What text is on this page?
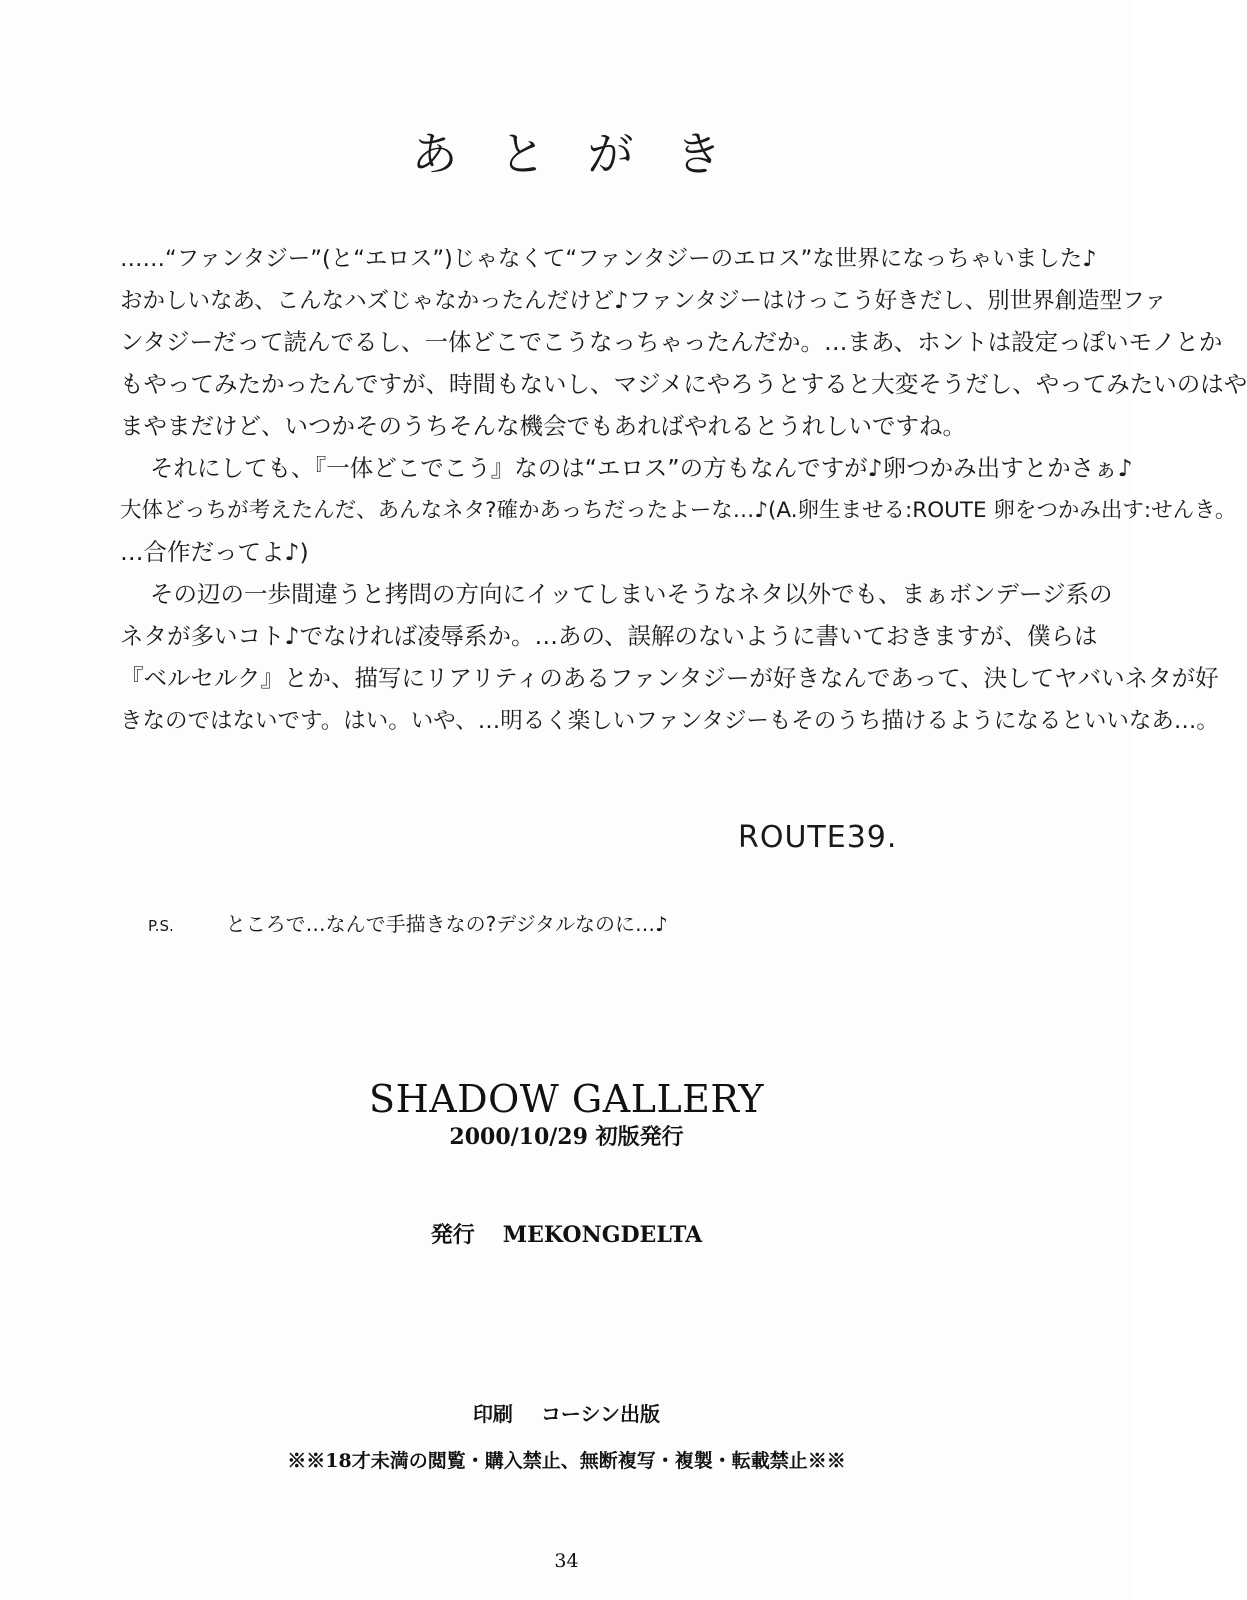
あとがき
……“ファンタジー”(と“エロス”)じゃなくて“ファンタジーのエロス”な世界になっちゃいました♪
おかしいなあ、こんなハズじゃなかったんだけど♪ファンタジーはけっこう好きだし、別世界創造型ファ
ンタジーだって読んでるし、一体どこでこうなっちゃったんだか。…まあ、ホントは設定っぽいモノとか
もやってみたかったんですが、時間もないし、マジメにやろうとすると大変そうだし、やってみたいのはや
まやまだけど、いつかそのうちそんな機会でもあればやれるとうれしいですね。
それにしても、『一体どこでこう』なのは“エロス”の方もなんですが♪卵つかみ出すとかさぁ♪
大体どっちが考えたんだ、あんなネタ?確かあっちだったよーな…♪(A.卵生ませる:ROUTE 卵をつかみ出す:せんき。
…合作だってよ♪)
その辺の一歩間違うと拷問の方向にイッてしまいそうなネタ以外でも、まぁボンデージ系の
ネタが多いコト♪でなければ凌辱系か。…あの、誤解のないように書いておきますが、僕らは
『ベルセルク』とか、描写にリアリティのあるファンタジーが好きなんであって、決してヤバいネタが好
きなのではないです。はい。いや、…明るく楽しいファンタジーもそのうち描けるようになるといいなあ…。
ROUTE39.
P.S.	ところで…なんで手描きなの?デジタルなのに…♪
SHADOW GALLERY
2000/10/29 初版発行
発行 MEKONGDELTA
印刷 コーシン出版
※※18才未満の閲覧・購入禁止、無断複写・複製・転載禁止※※
34
